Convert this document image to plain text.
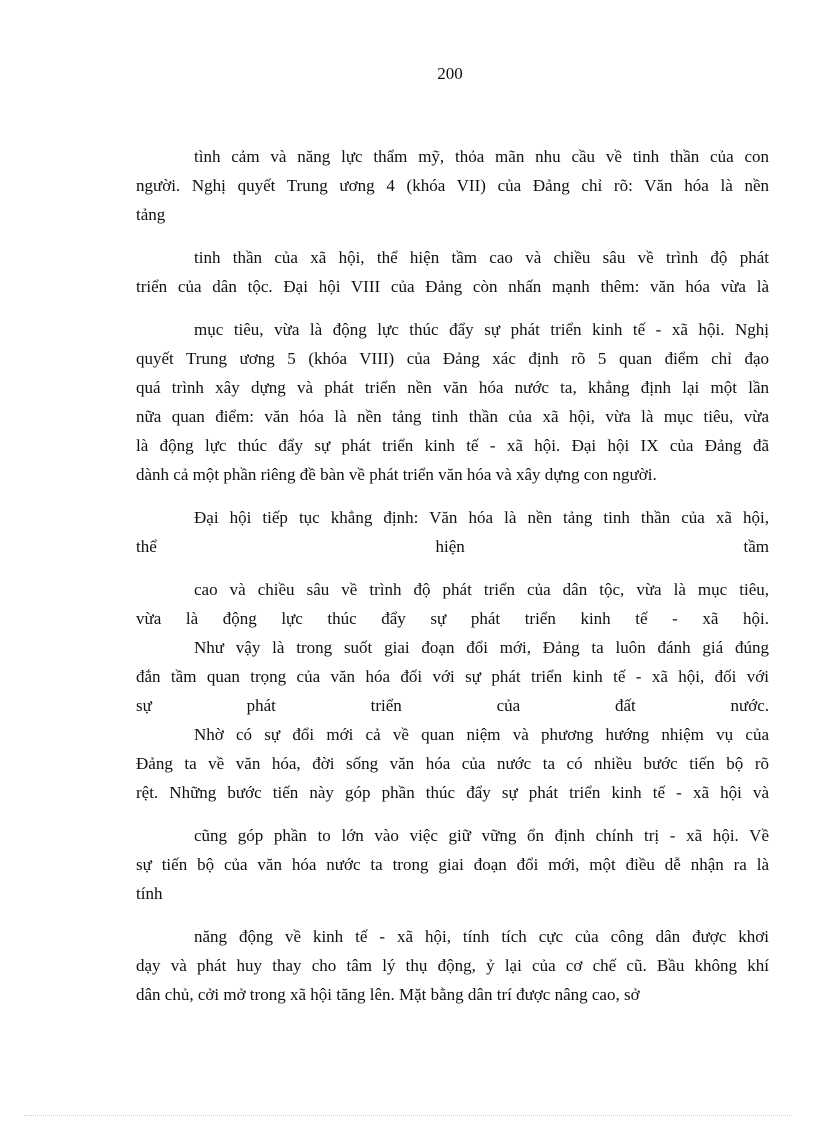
200
tình cảm và năng lực thẩm mỹ, thỏa mãn nhu cầu về tinh thần của con
người. Nghị quyết Trung ương 4 (khóa VII) của Đảng chỉ rõ: Văn hóa là nền
tảng
tinh thần của xã hội, thể hiện tầm cao và chiều sâu về trình độ phát
triển của dân tộc. Đại hội VIII của Đảng còn nhấn mạnh thêm: văn hóa vừa là
mục tiêu, vừa là động lực thúc đẩy sự phát triển kinh tế - xã hội. Nghị
quyết Trung ương 5 (khóa VIII) của Đảng xác định rõ 5 quan điểm chỉ đạo
quá trình xây dựng và phát triển nền văn hóa nước ta, khẳng định lại một lần
nữa quan điểm: văn hóa là nền tảng tinh thần của xã hội, vừa là mục tiêu, vừa
là động lực thúc đẩy sự phát triển kinh tế - xã hội. Đại hội IX của Đảng đã
dành cả một phần riêng đề bàn về phát triển văn hóa và xây dựng con người.
Đại hội tiếp tục khẳng định: Văn hóa là nền tảng tinh thần của xã hội,
thể hiện tầm
cao và chiều sâu về trình độ phát triển của dân tộc, vừa là mục tiêu,
vừa là động lực thúc đẩy sự phát triển kinh tế - xã hội.
Như vậy là trong suốt giai đoạn đổi mới, Đảng ta luôn đánh giá đúng
đắn tầm quan trọng của văn hóa đối với sự phát triển kinh tế - xã hội, đối với
sự phát triển của đất nước.
Nhờ có sự đổi mới cả về quan niệm và phương hướng nhiệm vụ của
Đảng ta về văn hóa, đời sống văn hóa của nước ta có nhiều bước tiến bộ rõ
rệt. Những bước tiến này góp phần thúc đẩy sự phát triển kinh tế - xã hội và
cũng góp phần to lớn vào việc giữ vững ổn định chính trị - xã hội. Về
sự tiến bộ của văn hóa nước ta trong giai đoạn đổi mới, một điều dễ nhận ra là
tính
năng động về kinh tế - xã hội, tính tích cực của công dân được khơi
dạy và phát huy thay cho tâm lý thụ động, ỷ lại của cơ chế cũ. Bầu không khí
dân chủ, cởi mở trong xã hội tăng lên. Mặt bằng dân trí được nâng cao, sở
